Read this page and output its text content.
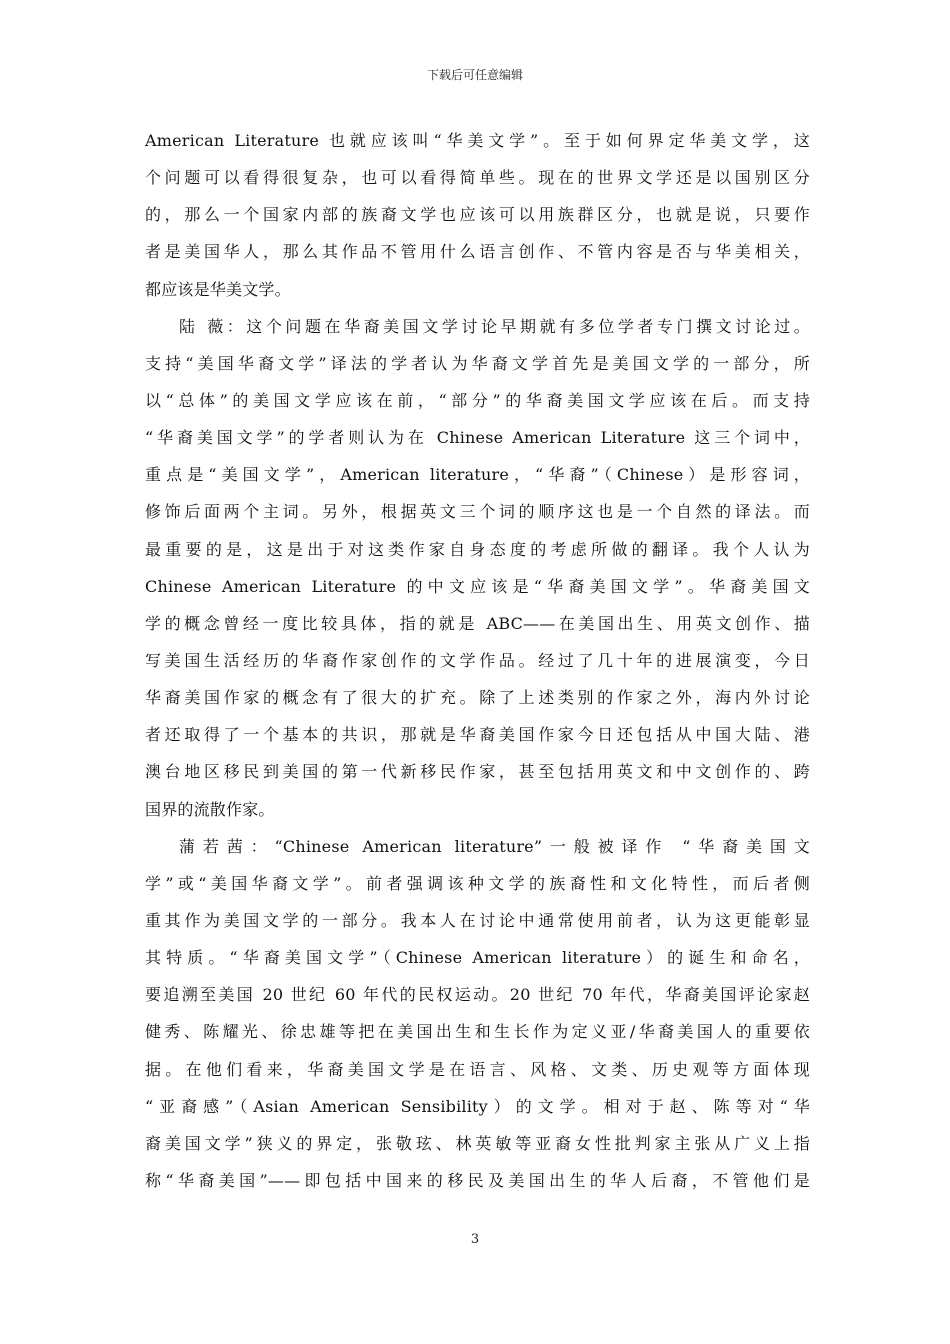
下载后可任意编辑

American Literature 也就应该叫“华美文学”。至于如何界定华美文学，这
个问题可以看得很复杂，也可以看得简单些。现在的世界文学还是以国别区分
的，那么一个国家内部的族裔文学也应该可以用族群区分，也就是说，只要作
者是美国华人，那么其作品不管用什么语言创作、不管内容是否与华美相关，
都应该是华美文学。

陆 薇：这个问题在华裔美国文学讨论早期就有多位学者专门撰文讨论过。
支持“美国华裔文学”译法的学者认为华裔文学首先是美国文学的一部分，所
以“总体”的美国文学应该在前，“部分”的华裔美国文学应该在后。而支持
“华裔美国文学”的学者则认为在 Chinese American Literature 这三个词中，
重点是“美国文学”，American literature，“华裔”（Chinese）是形容词，
修饰后面两个主词。另外，根据英文三个词的顺序这也是一个自然的译法。而
最重要的是，这是出于对这类作家自身态度的考虑所做的翻译。我个人认为
Chinese American Literature 的中文应该是“华裔美国文学”。华裔美国文
学的概念曾经一度比较具体，指的就是 ABC——在美国出生、用英文创作、描
写美国生活经历的华裔作家创作的文学作品。经过了几十年的进展演变，今日
华裔美国作家的概念有了很大的扩充。除了上述类别的作家之外，海内外讨论
者还取得了一个基本的共识，那就是华裔美国作家今日还包括从中国大陆、港
澳台地区移民到美国的第一代新移民作家，甚至包括用英文和中文创作的、跨
国界的流散作家。

蒲若茜：“Chinese American literature”一般被译作 “华裔美国文
学”或“美国华裔文学”。前者强调该种文学的族裔性和文化特性，而后者侧
重其作为美国文学的一部分。我本人在讨论中通常使用前者，认为这更能彰显
其特质。“华裔美国文学”（Chinese American literature）的诞生和命名，
要追溯至美国 20 世纪 60 年代的民权运动。20 世纪 70 年代，华裔美国评论家赵
健秀、陈耀光、徐忠雄等把在美国出生和生长作为定义亚/华裔美国人的重要依
据。在他们看来，华裔美国文学是在语言、风格、文类、历史观等方面体现
“亚裔感”（Asian American Sensibility）的文学。相对于赵、陈等对“华
裔美国文学”狭义的界定，张敬玹、林英敏等亚裔女性批判家主张从广义上指
称“华裔美国”——即包括中国来的移民及美国出生的华人后裔，不管他们是

3
